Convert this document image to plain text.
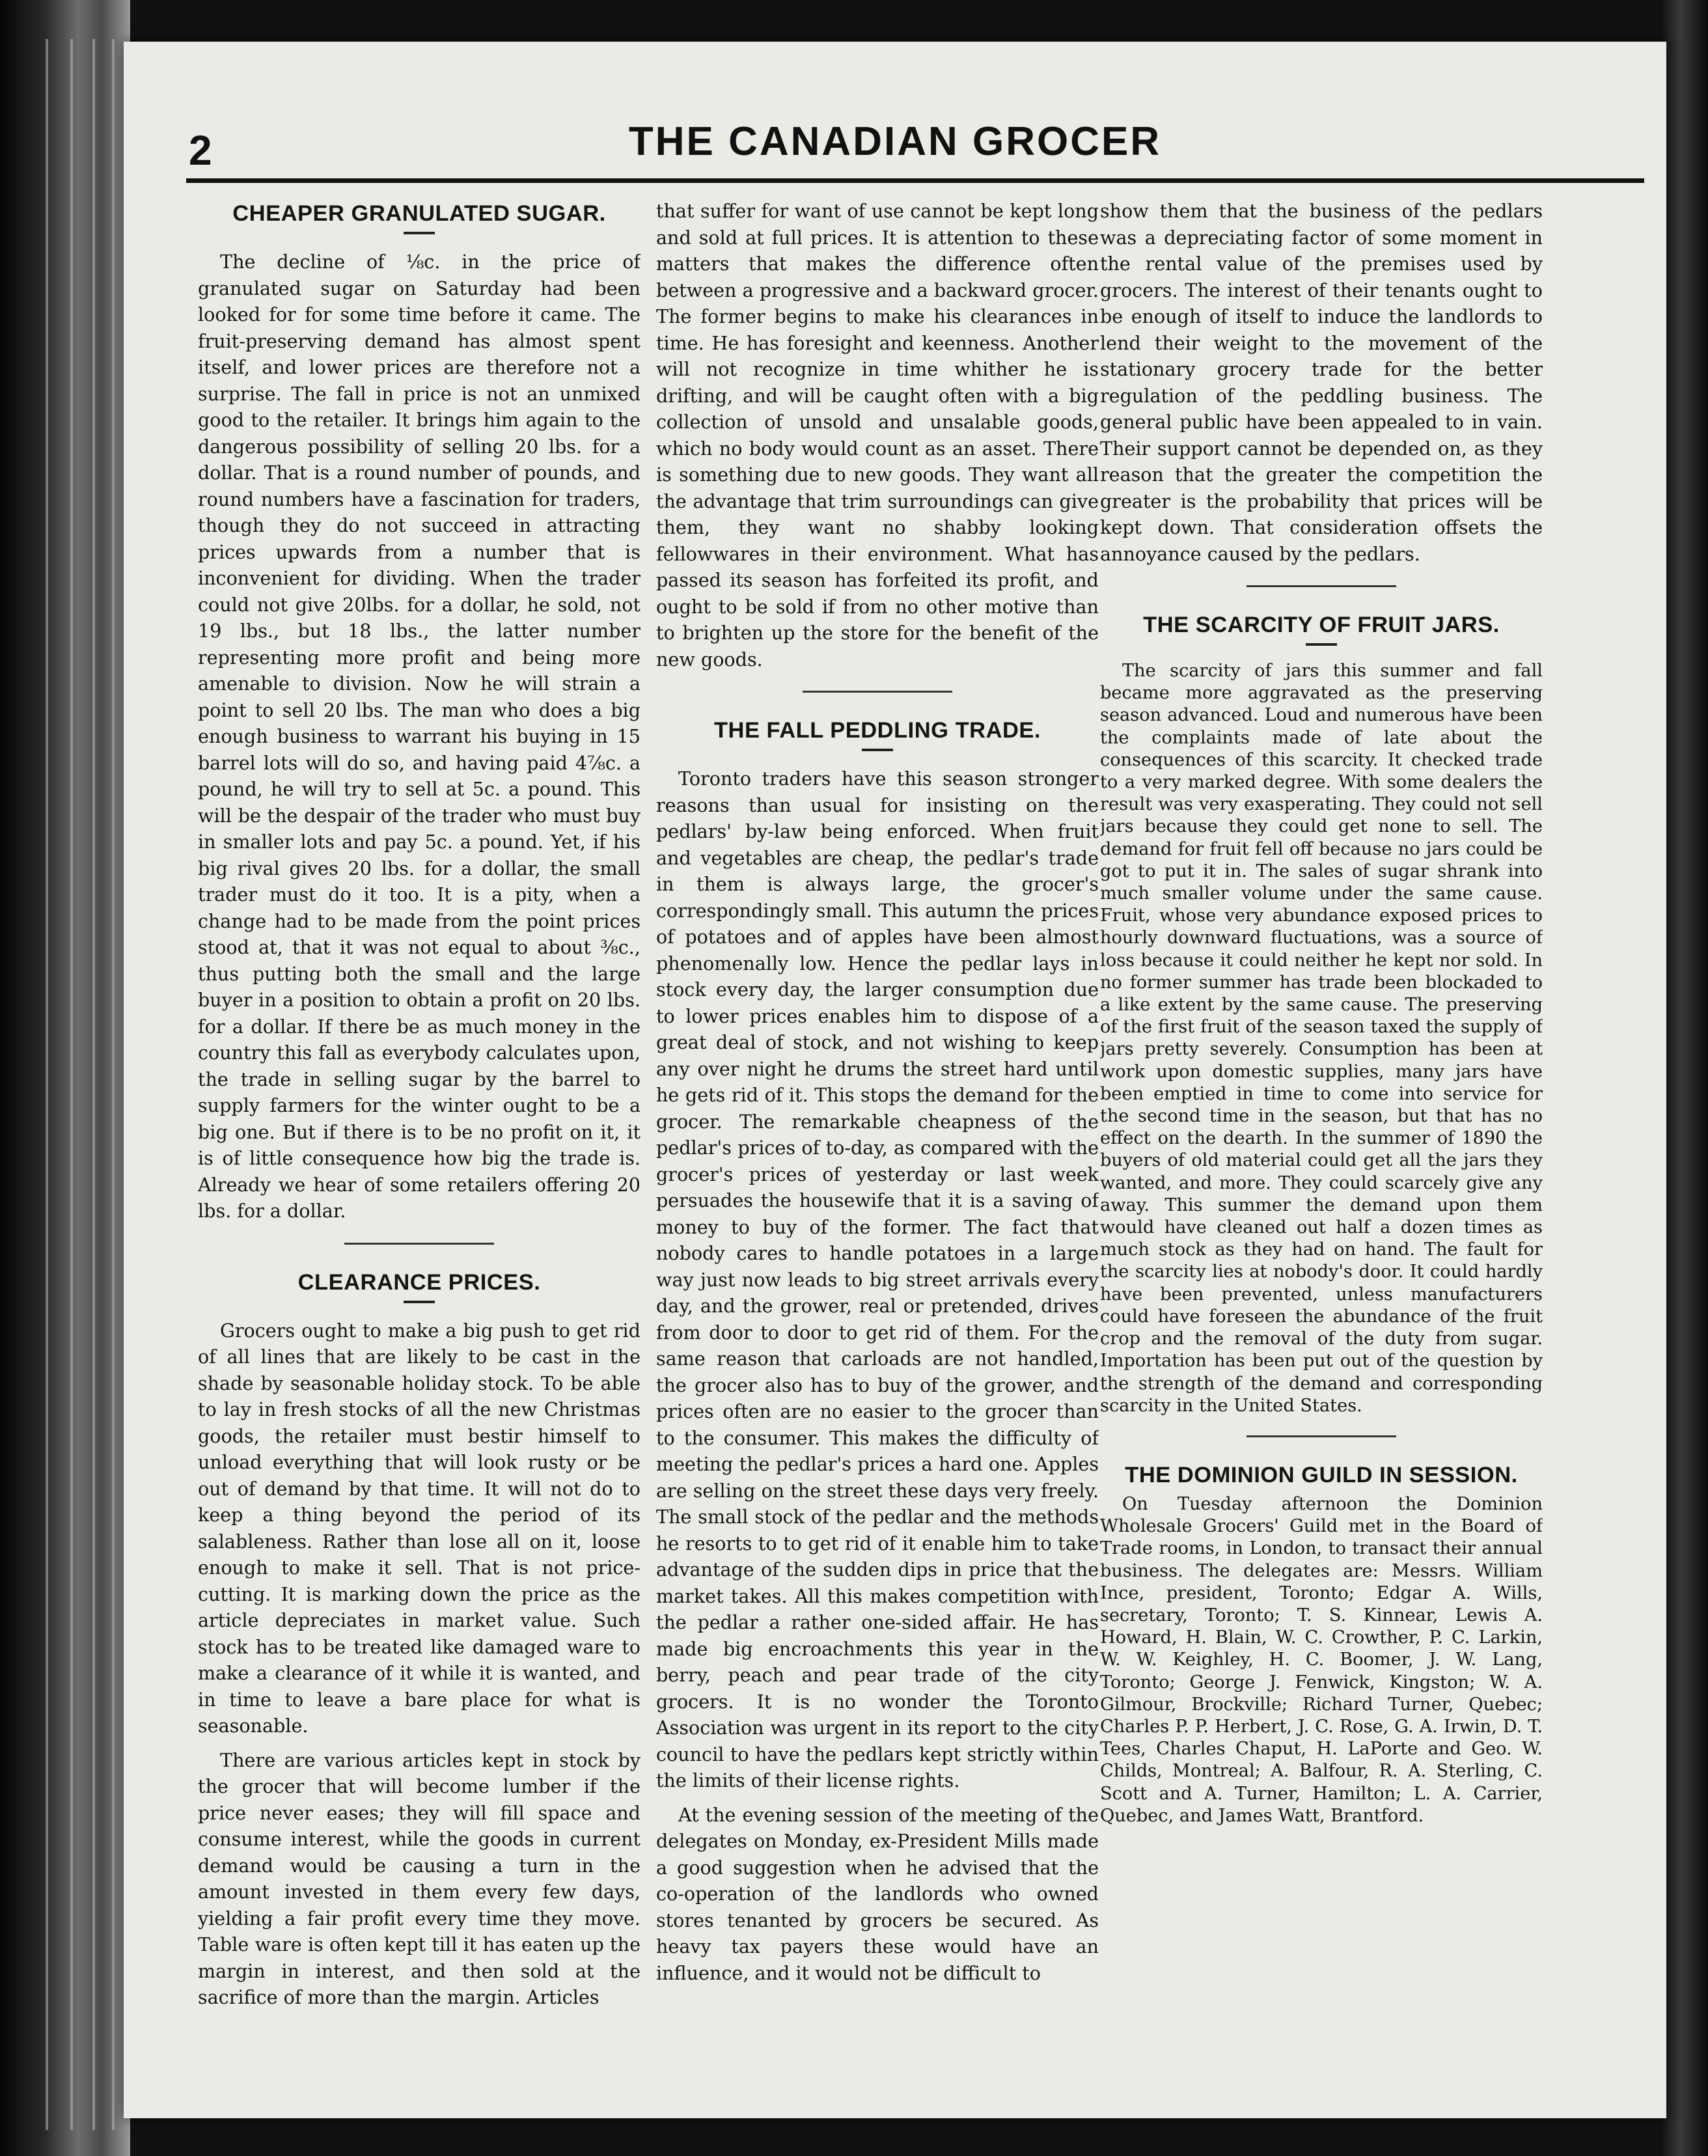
2	THE CANADIAN GROCER
CHEAPER GRANULATED SUGAR.

The decline of ⅛c. in the price of granulated sugar on Saturday had been looked for for some time before it came. The fruit-preserving demand has almost spent itself, and lower prices are therefore not a surprise. The fall in price is not an unmixed good to the retailer. It brings him again to the dangerous possibility of selling 20 lbs. for a dollar. That is a round number of pounds, and round numbers have a fascination for traders, though they do not succeed in attracting prices upwards from a number that is inconvenient for dividing. When the trader could not give 20lbs. for a dollar, he sold, not 19 lbs., but 18 lbs., the latter number representing more profit and being more amenable to division. Now he will strain a point to sell 20 lbs. The man who does a big enough business to warrant his buying in 15 barrel lots will do so, and having paid 4⅞c. a pound, he will try to sell at 5c. a pound. This will be the despair of the trader who must buy in smaller lots and pay 5c. a pound. Yet, if his big rival gives 20 lbs. for a dollar, the small trader must do it too. It is a pity, when a change had to be made from the point prices stood at, that it was not equal to about ⅜c., thus putting both the small and the large buyer in a position to obtain a profit on 20 lbs. for a dollar. If there be as much money in the country this fall as everybody calculates upon, the trade in selling sugar by the barrel to supply farmers for the winter ought to be a big one. But if there is to be no profit on it, it is of little consequence how big the trade is. Already we hear of some retailers offering 20 lbs. for a dollar.

CLEARANCE PRICES.

Grocers ought to make a big push to get rid of all lines that are likely to be cast in the shade by seasonable holiday stock. To be able to lay in fresh stocks of all the new Christmas goods, the retailer must bestir himself to unload everything that will look rusty or be out of demand by that time. It will not do to keep a thing beyond the period of its salableness. Rather than lose all on it, loose enough to make it sell. That is not price-cutting. It is marking down the price as the article depreciates in market value. Such stock has to be treated like damaged ware to make a clearance of it while it is wanted, and in time to leave a bare place for what is seasonable.

There are various articles kept in stock by the grocer that will become lumber if the price never eases; they will fill space and consume interest, while the goods in current demand would be causing a turn in the amount invested in them every few days, yielding a fair profit every time they move. Table ware is often kept till it has eaten up the margin in interest, and then sold at the sacrifice of more than the margin. Articles

that suffer for want of use cannot be kept long and sold at full prices. It is attention to these matters that makes the difference often between a progressive and a backward grocer. The former begins to make his clearances in time. He has foresight and keenness. Another will not recognize in time whither he is drifting, and will be caught often with a big collection of unsold and unsalable goods, which no body would count as an asset. There is something due to new goods. They want all the advantage that trim surroundings can give them, they want no shabby looking fellowwares in their environment. What has passed its season has forfeited its profit, and ought to be sold if from no other motive than to brighten up the store for the benefit of the new goods.

THE FALL PEDDLING TRADE.

Toronto traders have this season stronger reasons than usual for insisting on the pedlars' by-law being enforced. When fruit and vegetables are cheap, the pedlar's trade in them is always large, the grocer's correspondingly small. This autumn the prices of potatoes and of apples have been almost phenomenally low. Hence the pedlar lays in stock every day, the larger consumption due to lower prices enables him to dispose of a great deal of stock, and not wishing to keep any over night he drums the street hard until he gets rid of it. This stops the demand for the grocer. The remarkable cheapness of the pedlar's prices of to-day, as compared with the grocer's prices of yesterday or last week persuades the housewife that it is a saving of money to buy of the former. The fact that nobody cares to handle potatoes in a large way just now leads to big street arrivals every day, and the grower, real or pretended, drives from door to door to get rid of them. For the same reason that carloads are not handled, the grocer also has to buy of the grower, and prices often are no easier to the grocer than to the consumer. This makes the difficulty of meeting the pedlar's prices a hard one. Apples are selling on the street these days very freely. The small stock of the pedlar and the methods he resorts to to get rid of it enable him to take advantage of the sudden dips in price that the market takes. All this makes competition with the pedlar a rather one-sided affair. He has made big encroachments this year in the berry, peach and pear trade of the city grocers. It is no wonder the Toronto Association was urgent in its report to the city council to have the pedlars kept strictly within the limits of their license rights.

At the evening session of the meeting of the delegates on Monday, ex-President Mills made a good suggestion when he advised that the co-operation of the landlords who owned stores tenanted by grocers be secured. As heavy tax payers these would have an influence, and it would not be difficult to

show them that the business of the pedlars was a depreciating factor of some moment in the rental value of the premises used by grocers. The interest of their tenants ought to be enough of itself to induce the landlords to lend their weight to the movement of the stationary grocery trade for the better regulation of the peddling business. The general public have been appealed to in vain. Their support cannot be depended on, as they reason that the greater the competition the greater is the probability that prices will be kept down. That consideration offsets the annoyance caused by the pedlars.

THE SCARCITY OF FRUIT JARS.

The scarcity of jars this summer and fall became more aggravated as the preserving season advanced. Loud and numerous have been the complaints made of late about the consequences of this scarcity. It checked trade to a very marked degree. With some dealers the result was very exasperating. They could not sell jars because they could get none to sell. The demand for fruit fell off because no jars could be got to put it in. The sales of sugar shrank into much smaller volume under the same cause. Fruit, whose very abundance exposed prices to hourly downward fluctuations, was a source of loss because it could neither he kept nor sold. In no former summer has trade been blockaded to a like extent by the same cause. The preserving of the first fruit of the season taxed the supply of jars pretty severely. Consumption has been at work upon domestic supplies, many jars have been emptied in time to come into service for the second time in the season, but that has no effect on the dearth. In the summer of 1890 the buyers of old material could get all the jars they wanted, and more. They could scarcely give any away. This summer the demand upon them would have cleaned out half a dozen times as much stock as they had on hand. The fault for the scarcity lies at nobody's door. It could hardly have been prevented, unless manufacturers could have foreseen the abundance of the fruit crop and the removal of the duty from sugar. Importation has been put out of the question by the strength of the demand and corresponding scarcity in the United States.

THE DOMINION GUILD IN SESSION.

On Tuesday afternoon the Dominion Wholesale Grocers' Guild met in the Board of Trade rooms, in London, to transact their annual business. The delegates are: Messrs. William Ince, president, Toronto; Edgar A. Wills, secretary, Toronto; T. S. Kinnear, Lewis A. Howard, H. Blain, W. C. Crowther, P. C. Larkin, W. W. Keighley, H. C. Boomer, J. W. Lang, Toronto; George J. Fenwick, Kingston; W. A. Gilmour, Brockville; Richard Turner, Quebec; Charles P. P. Herbert, J. C. Rose, G. A. Irwin, D. T. Tees, Charles Chaput, H. LaPorte and Geo. W. Childs, Montreal; A. Balfour, R. A. Sterling, C. Scott and A. Turner, Hamilton; L. A. Carrier, Quebec, and James Watt, Brantford.
